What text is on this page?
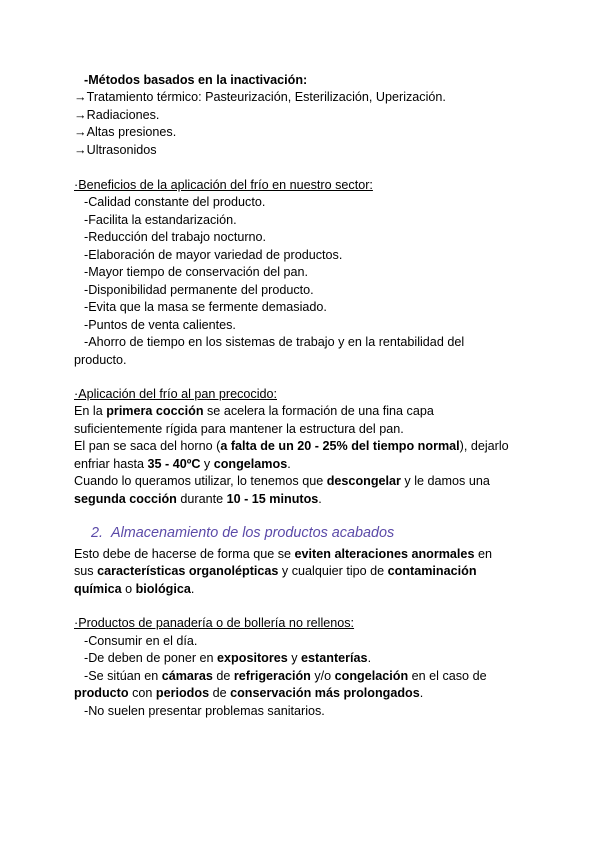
-Métodos basados en la inactivación:
→Tratamiento térmico: Pasteurización, Esterilización, Uperización.
→Radiaciones.
→Altas presiones.
→Ultrasonidos
·Beneficios de la aplicación del frío en nuestro sector:
-Calidad constante del producto.
-Facilita la estandarización.
-Reducción del trabajo nocturno.
-Elaboración de mayor variedad de productos.
-Mayor tiempo de conservación del pan.
-Disponibilidad permanente del producto.
-Evita que la masa se fermente demasiado.
-Puntos de venta calientes.
-Ahorro de tiempo en los sistemas de trabajo y en la rentabilidad del
producto.
·Aplicación del frío al pan precocido:
En la primera cocción se acelera la formación de una fina capa
suficientemente rígida para mantener la estructura del pan.
El pan se saca del horno (a falta de un 20 - 25% del tiempo normal), dejarlo
enfriar hasta 35 - 40ºC y congelamos.
Cuando lo queramos utilizar, lo tenemos que descongelar y le damos una
segunda cocción durante 10 - 15 minutos.
2. Almacenamiento de los productos acabados
Esto debe de hacerse de forma que se eviten alteraciones anormales en
sus características organolépticas y cualquier tipo de contaminación
química o biológica.
·Productos de panadería o de bollería no rellenos:
-Consumir en el día.
-De deben de poner en expositores y estanterías.
-Se sitúan en cámaras de refrigeración y/o congelación en el caso de
producto con periodos de conservación más prolongados.
-No suelen presentar problemas sanitarios.
